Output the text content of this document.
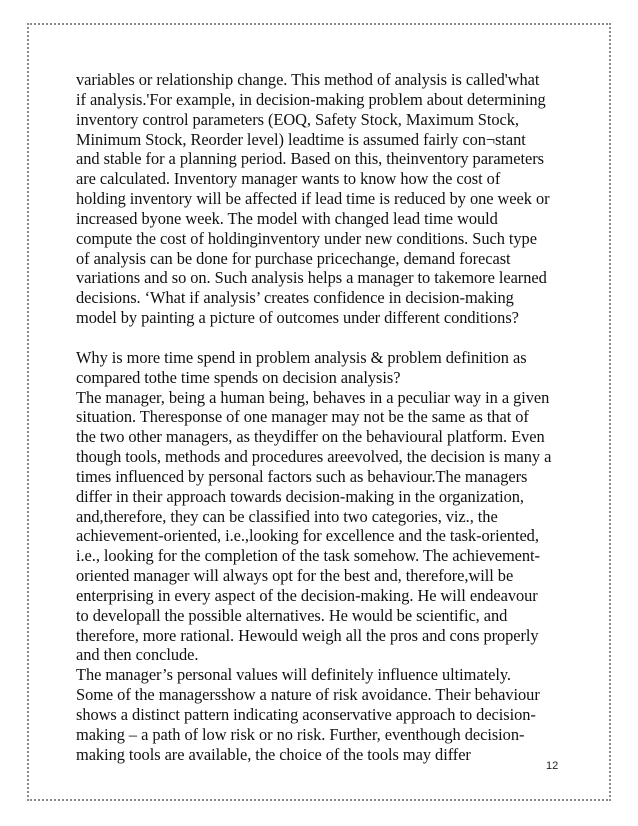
variables or relationship change. This method of analysis is called'what

if analysis.'For example, in decision-making problem about determining

inventory control parameters (EOQ, Safety Stock, Maximum Stock,

Minimum Stock, Reorder level) leadtime is assumed fairly con¬stant

and stable for a planning period. Based on this, theinventory parameters

are calculated. Inventory manager wants to know how the cost of

holding inventory will be affected if lead time is reduced by one week or

increased byone week. The model with changed lead time would

compute the cost of holdinginventory under new conditions. Such type

of analysis can be done for purchase pricechange, demand forecast

variations and so on. Such analysis helps a manager to takemore learned

decisions. ‘What if analysis’ creates confidence in decision-making

model by painting a picture of outcomes under different conditions?

Why is more time spend in problem analysis & problem definition as

compared tothe time spends on decision analysis?

The manager, being a human being, behaves in a peculiar way in a given

situation. Theresponse of one manager may not be the same as that of

the two other managers, as theydiffer on the behavioural platform. Even

though tools, methods and procedures areevolved, the decision is many a

times influenced by personal factors such as behaviour.The managers

differ in their approach towards decision-making in the organization,

and,therefore, they can be classified into two categories, viz., the

achievement-oriented, i.e.,looking for excellence and the task-oriented,

i.e., looking for the completion of the task somehow. The achievement-

oriented manager will always opt for the best and, therefore,will be

enterprising in every aspect of the decision-making. He will endeavour

to developall the possible alternatives. He would be scientific, and

therefore, more rational. Hewould weigh all the pros and cons properly

and then conclude.

The manager’s personal values will definitely influence ultimately.

Some of the managersshow a nature of risk avoidance. Their behaviour

shows a distinct pattern indicating aconservative approach to decision-

making – a path of low risk or no risk. Further, eventhough decision-

making tools are available, the choice of the tools may differ

12
